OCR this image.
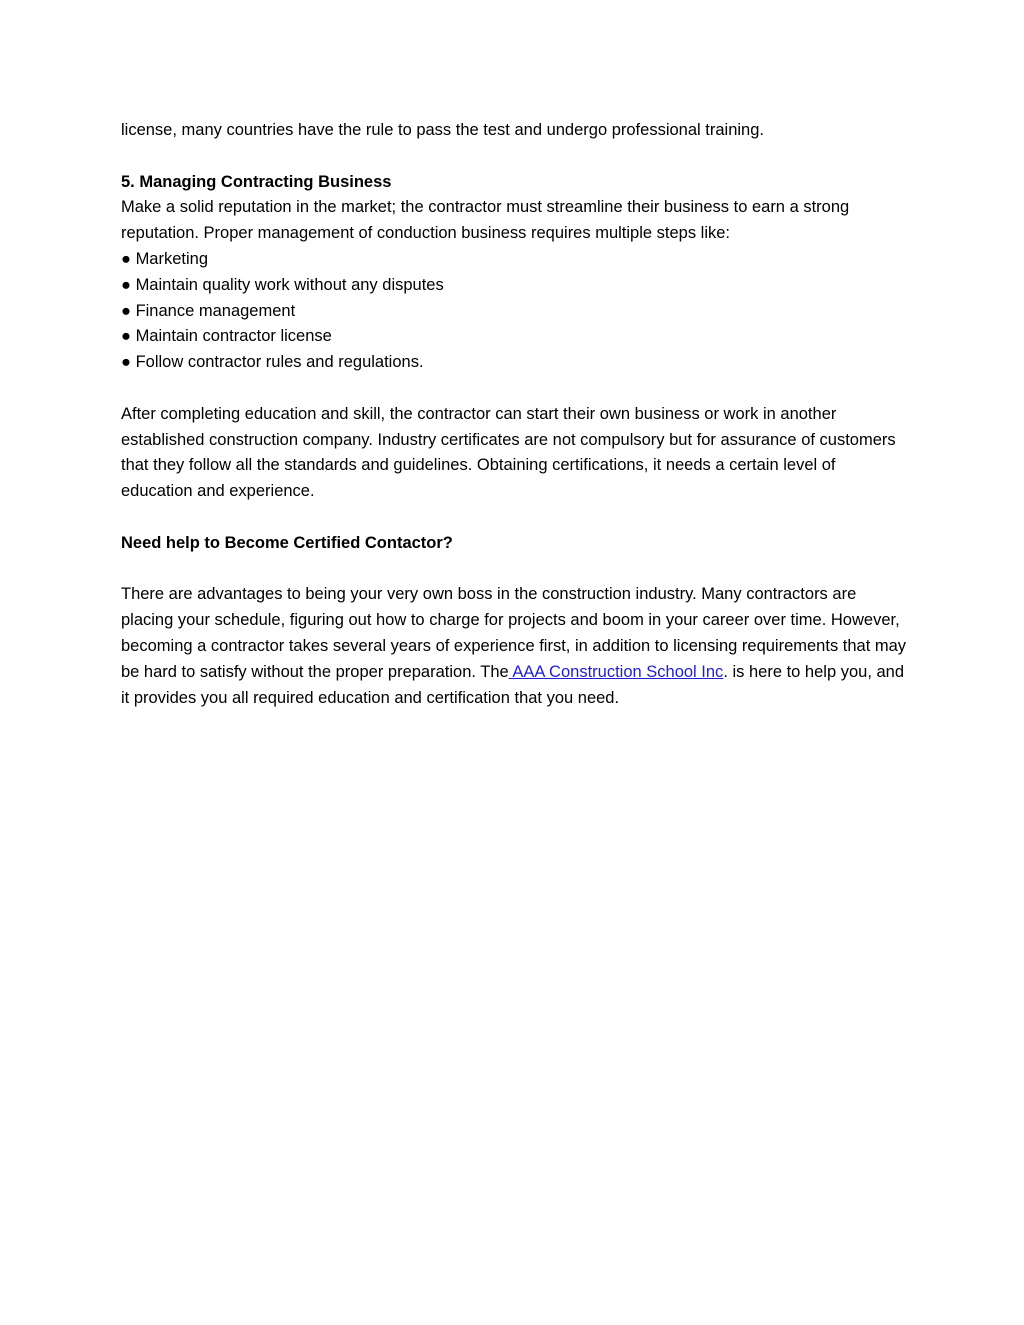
license, many countries have the rule to pass the test and undergo professional training.

5. Managing Contracting Business

Make a solid reputation in the market; the contractor must streamline their business to earn a strong reputation. Proper management of conduction business requires multiple steps like:

● Marketing
● Maintain quality work without any disputes
● Finance management
● Maintain contractor license
● Follow contractor rules and regulations.

After completing education and skill, the contractor can start their own business or work in another established construction company. Industry certificates are not compulsory but for assurance of customers that they follow all the standards and guidelines. Obtaining certifications, it needs a certain level of education and experience.

Need help to Become Certified Contactor?

There are advantages to being your very own boss in the construction industry. Many contractors are placing your schedule, figuring out how to charge for projects and boom in your career over time. However, becoming a contractor takes several years of experience first, in addition to licensing requirements that may be hard to satisfy without the proper preparation. The AAA Construction School Inc. is here to help you, and it provides you all required education and certification that you need.
